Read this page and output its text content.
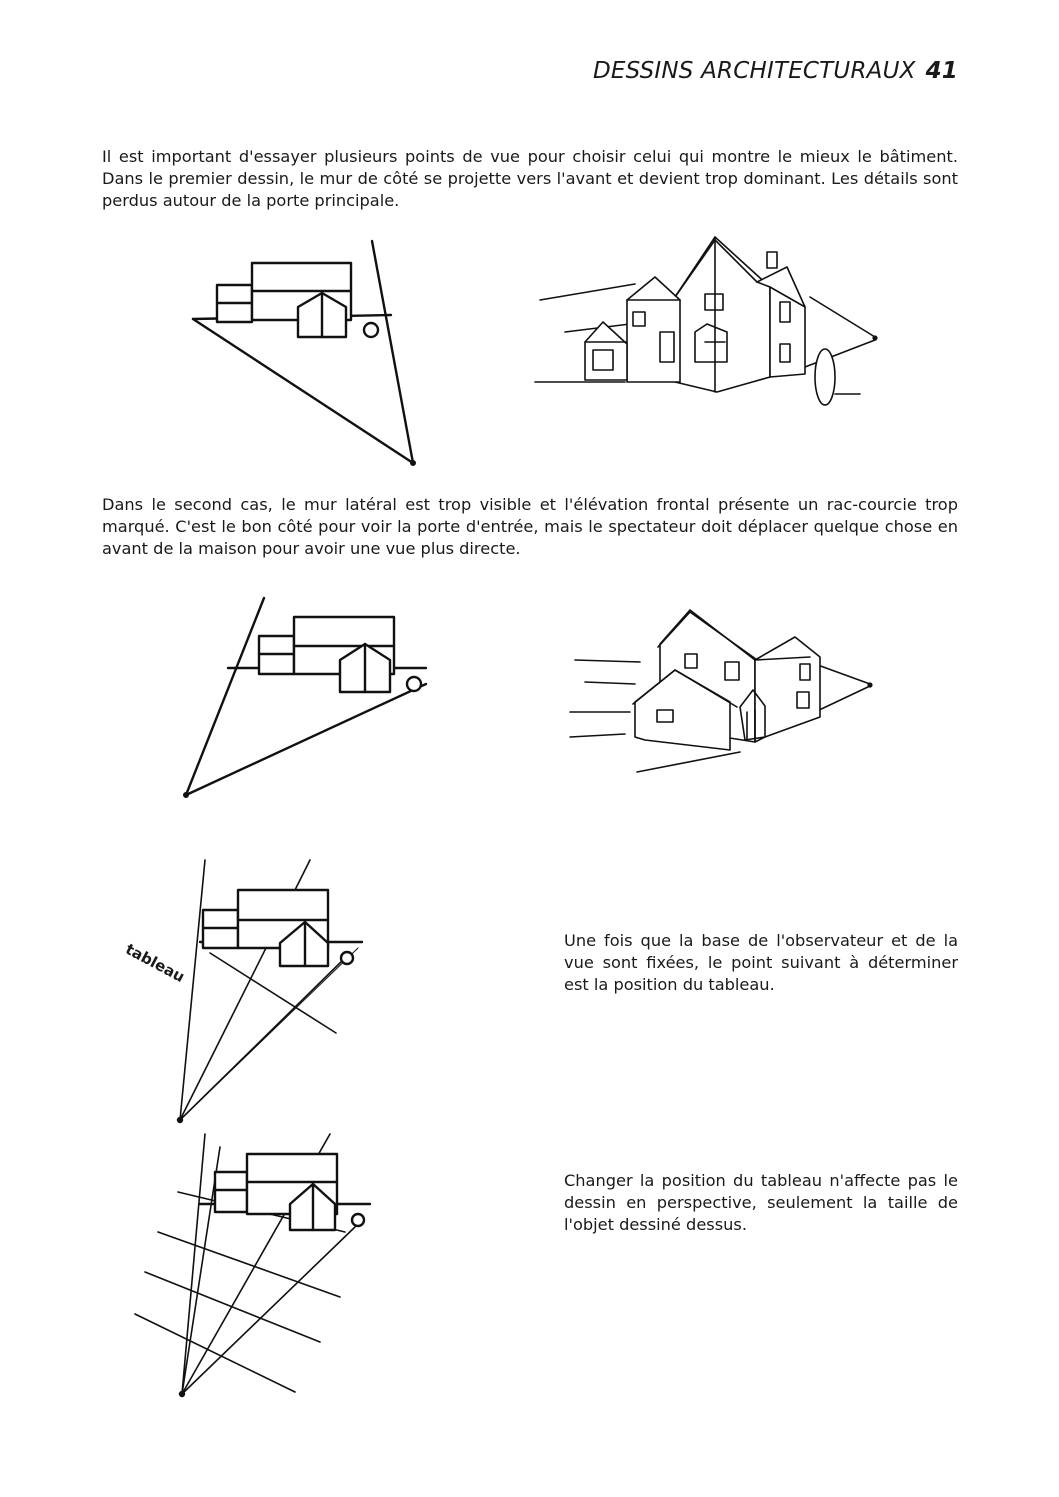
DESSINS ARCHITECTURAUX 41
Il est important d'essayer plusieurs points de vue pour choisir celui qui montre le mieux le bâtiment. Dans le premier dessin, le mur de côté se projette vers l'avant et devient trop dominant. Les détails sont perdus autour de la porte principale.
Dans le second cas, le mur latéral est trop visible et l'élévation frontal présente un rac-courcie trop marqué. C'est le bon côté pour voir la porte d'entrée, mais le spectateur doit déplacer quelque chose en avant de la maison pour avoir une vue plus directe.
tableau	Une fois que la base de l'observateur et de la vue sont fixées, le point suivant à déterminer est la position du tableau.
Changer la position du tableau n'affecte pas le dessin en perspective, seulement la taille de l'objet dessiné dessus.
